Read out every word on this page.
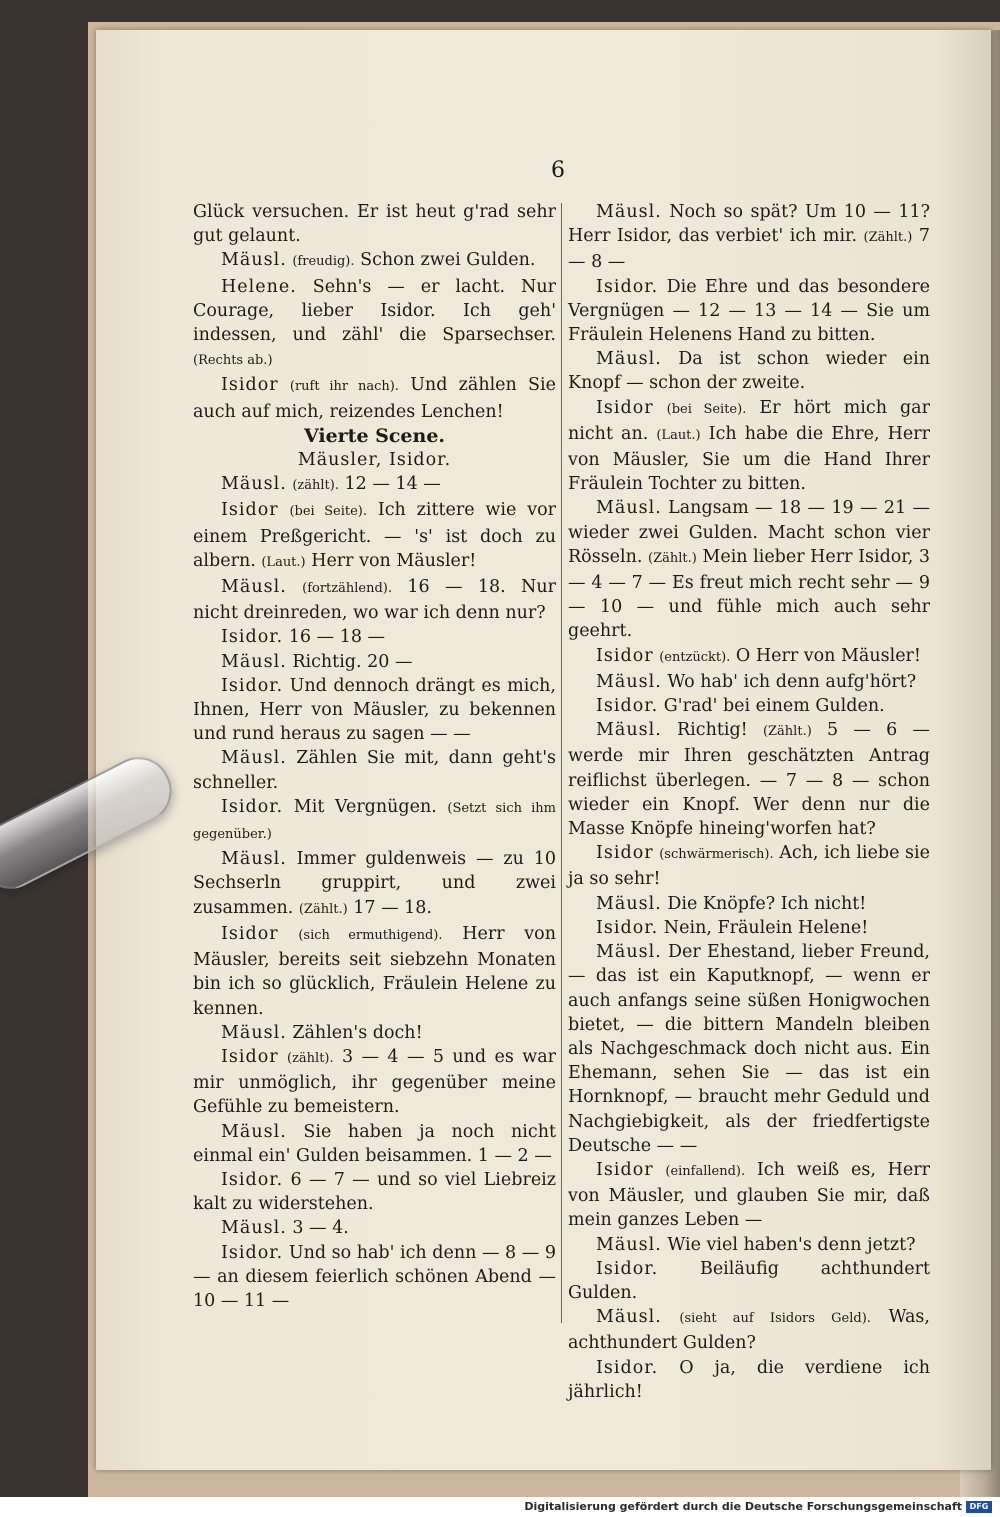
6

Glück versuchen. Er ist heut g'rad sehr gut gelaunt.

Mäusl. (freudig). Schon zwei Gulden.

Helene. Sehn's — er lacht. Nur Courage, lieber Isidor. Ich geh' indessen, und zähl' die Sparsechser. (Rechts ab.)

Isidor (ruft ihr nach). Und zählen Sie auch auf mich, reizendes Lenchen!

Vierte Scene.

Mäusler, Isidor.

Mäusl. (zählt). 12 — 14 —

Isidor (bei Seite). Ich zittere wie vor einem Preßgericht. — 's' ist doch zu albern. (Laut.) Herr von Mäusler!

Mäusl. (fortzählend). 16 — 18. Nur nicht dreinreden, wo war ich denn nur?

Isidor. 16 — 18 —

Mäusl. Richtig. 20 —

Isidor. Und dennoch drängt es mich, Ihnen, Herr von Mäusler, zu bekennen und rund heraus zu sagen — —

Mäusl. Zählen Sie mit, dann geht's schneller.

Isidor. Mit Vergnügen. (Setzt sich ihm gegenüber.)

Mäusl. Immer guldenweis — zu 10 Sechserln gruppirt, und zwei zusammen. (Zählt.) 17 — 18.

Isidor (sich ermuthigend). Herr von Mäusler, bereits seit siebzehn Monaten bin ich so glücklich, Fräulein Helene zu kennen.

Mäusl. Zählen's doch!

Isidor (zählt). 3 — 4 — 5 und es war mir unmöglich, ihr gegenüber meine Gefühle zu bemeistern.

Mäusl. Sie haben ja noch nicht einmal ein' Gulden beisammen. 1 — 2 —

Isidor. 6 — 7 — und so viel Liebreiz kalt zu widerstehen.

Mäusl. 3 — 4.

Isidor. Und so hab' ich denn — 8 — 9 — an diesem feierlich schönen Abend — 10 — 11 —

Mäusl. Noch so spät? Um 10 — 11? Herr Isidor, das verbiet' ich mir. (Zählt.) 7 — 8 —

Isidor. Die Ehre und das besondere Vergnügen — 12 — 13 — 14 — Sie um Fräulein Helenens Hand zu bitten.

Mäusl. Da ist schon wieder ein Knopf — schon der zweite.

Isidor (bei Seite). Er hört mich gar nicht an. (Laut.) Ich habe die Ehre, Herr von Mäusler, Sie um die Hand Ihrer Fräulein Tochter zu bitten.

Mäusl. Langsam — 18 — 19 — 21 — wieder zwei Gulden. Macht schon vier Rösseln. (Zählt.) Mein lieber Herr Isidor, 3 — 4 — 7 — Es freut mich recht sehr — 9 — 10 — und fühle mich auch sehr geehrt.

Isidor (entzückt). O Herr von Mäusler!

Mäusl. Wo hab' ich denn aufg'hört?

Isidor. G'rad' bei einem Gulden.

Mäusl. Richtig! (Zählt.) 5 — 6 — werde mir Ihren geschätzten Antrag reiflichst überlegen. — 7 — 8 — schon wieder ein Knopf. Wer denn nur die Masse Knöpfe hineing'worfen hat?

Isidor (schwärmerisch). Ach, ich liebe sie ja so sehr!

Mäusl. Die Knöpfe? Ich nicht!

Isidor. Nein, Fräulein Helene!

Mäusl. Der Ehestand, lieber Freund, — das ist ein Kaputknopf, — wenn er auch anfangs seine süßen Honigwochen bietet, — die bittern Mandeln bleiben als Nachgeschmack doch nicht aus. Ein Ehemann, sehen Sie — das ist ein Hornknopf, — braucht mehr Geduld und Nachgiebigkeit, als der friedfertigste Deutsche — —

Isidor (einfallend). Ich weiß es, Herr von Mäusler, und glauben Sie mir, daß mein ganzes Leben —

Mäusl. Wie viel haben's denn jetzt?

Isidor. Beiläufig achthundert Gulden.

Mäusl. (sieht auf Isidors Geld). Was, achthundert Gulden?

Isidor. O ja, die verdiene ich jährlich!

Digitalisierung gefördert durch die Deutsche Forschungsgemeinschaft DFG
